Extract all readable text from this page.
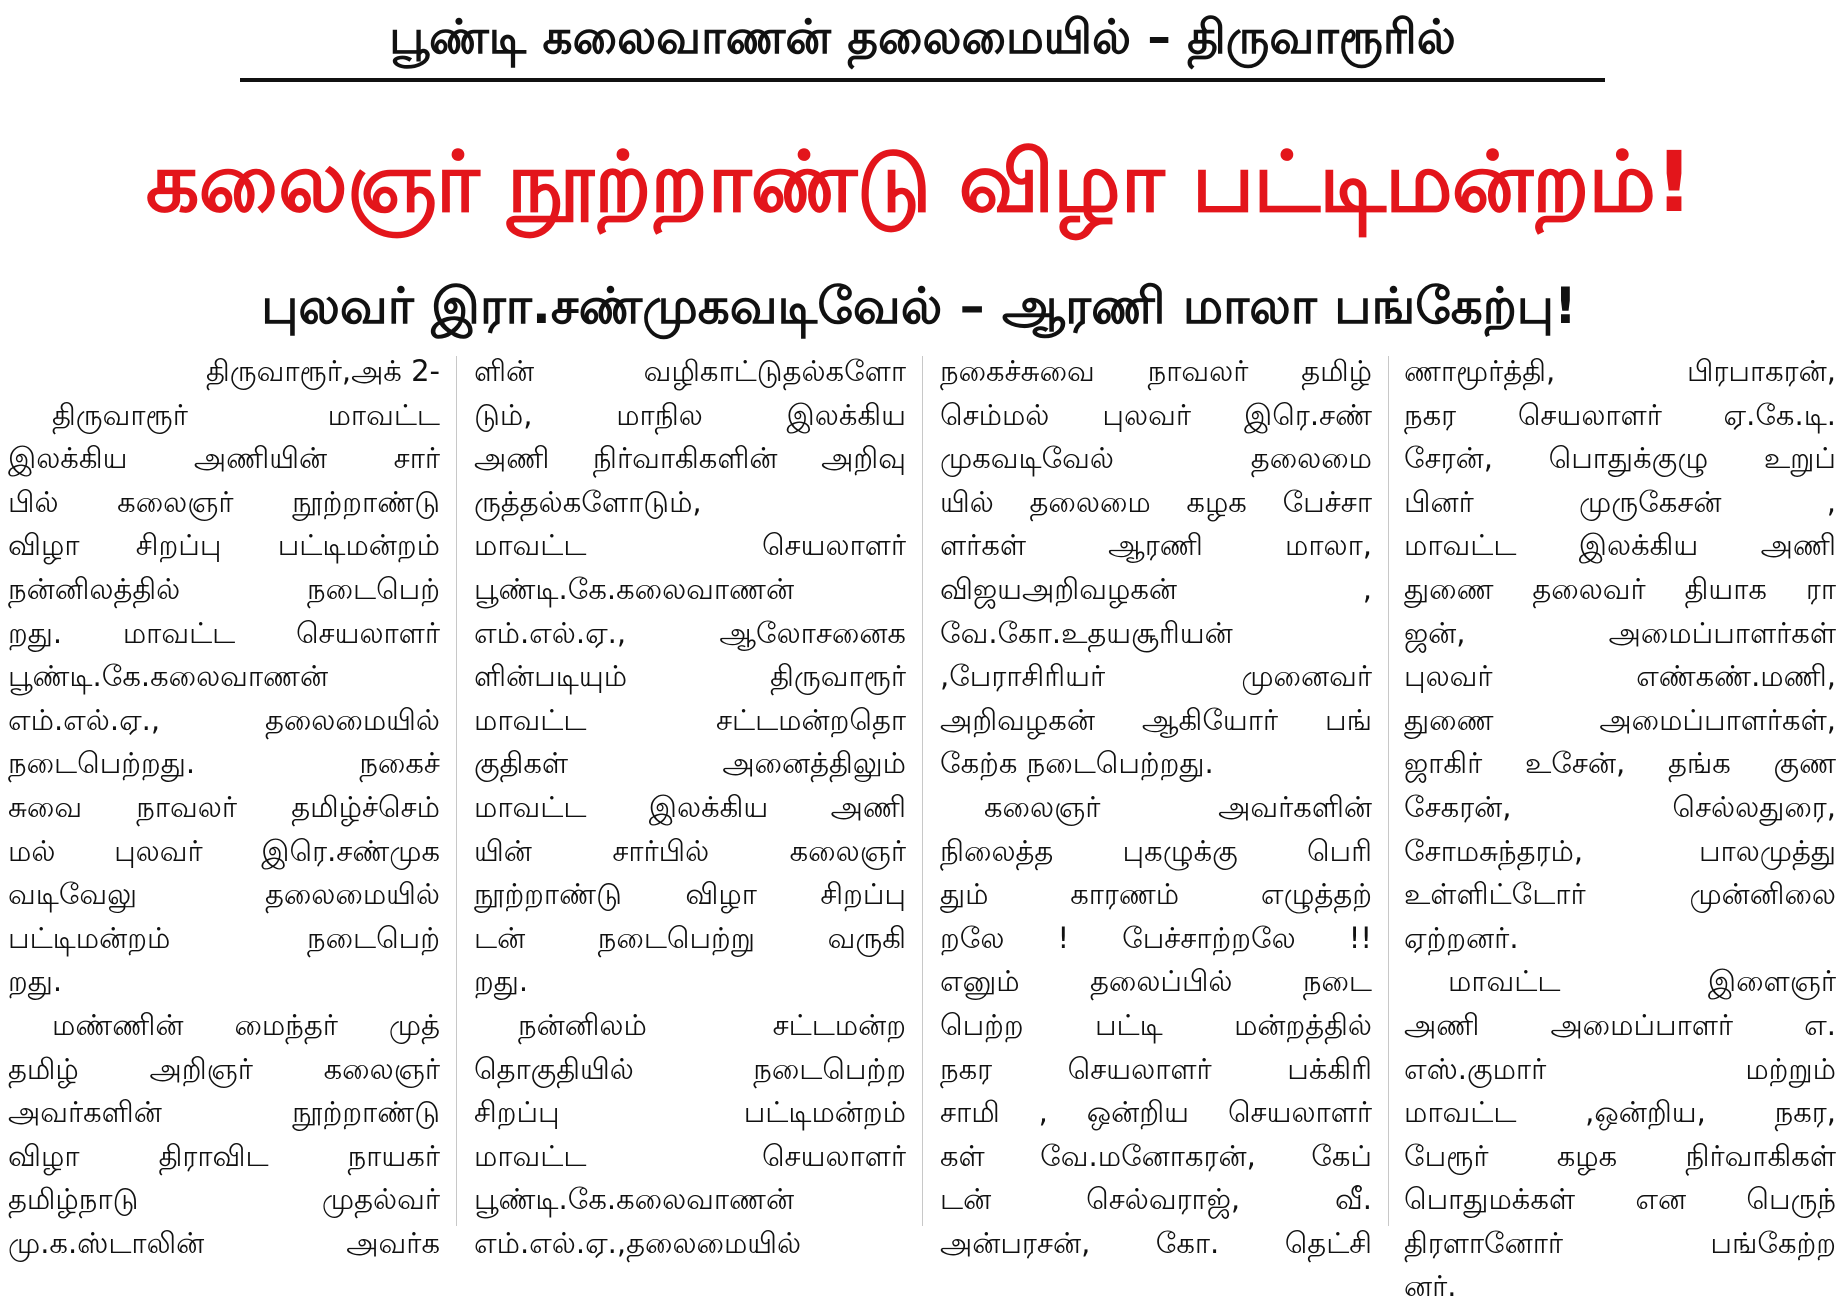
பூண்டி கலைவாணன் தலைமையில் – திருவாரூரில்
கலைஞர் நூற்றாண்டு விழா பட்டிமன்றம்!
புலவர் இரா.சண்முகவடிவேல் – ஆரணி மாலா பங்கேற்பு!
திருவாரூர்,அக் 2-
திருவாரூர் மாவட்ட
இலக்கிய அணியின் சார்
பில் கலைஞர் நூற்றாண்டு
விழா சிறப்பு பட்டிமன்றம்
நன்னிலத்தில் நடைபெற்
றது. மாவட்ட செயலாளர்
பூண்டி.கே.கலைவாணன்
எம்.எல்.ஏ., தலைமையில்
நடைபெற்றது. நகைச்
சுவை நாவலர் தமிழ்ச்செம்
மல் புலவர் இரெ.சண்முக
வடிவேலு தலைமையில்
பட்டிமன்றம் நடைபெற்
றது.
மண்ணின் மைந்தர் முத்
தமிழ் அறிஞர் கலைஞர்
அவர்களின் நூற்றாண்டு
விழா திராவிட நாயகர்
தமிழ்நாடு முதல்வர்
மு.க.ஸ்டாலின் அவர்க
ளின் வழிகாட்டுதல்களோ
டும், மாநில இலக்கிய
அணி நிர்வாகிகளின் அறிவு
ருத்தல்களோடும்,
மாவட்ட செயலாளர்
பூண்டி.கே.கலைவாணன்
எம்.எல்.ஏ., ஆலோசனைக
ளின்படியும் திருவாரூர்
மாவட்ட சட்டமன்றதொ
குதிகள் அனைத்திலும்
மாவட்ட இலக்கிய அணி
யின் சார்பில் கலைஞர்
நூற்றாண்டு விழா சிறப்பு
டன் நடைபெற்று வருகி
றது.
நன்னிலம் சட்டமன்ற
தொகுதியில் நடைபெற்ற
சிறப்பு பட்டிமன்றம்
மாவட்ட செயலாளர்
பூண்டி.கே.கலைவாணன்
எம்.எல்.ஏ.,தலைமையில்
நகைச்சுவை நாவலர் தமிழ்
செம்மல் புலவர் இரெ.சண்
முகவடிவேல் தலைமை
யில் தலைமை கழக பேச்சா
ளர்கள் ஆரணி மாலா,
விஜயஅறிவழகன் ,
வே.கோ.உதயசூரியன்
,பேராசிரியர் முனைவர்
அறிவழகன் ஆகியோர் பங்
கேற்க நடைபெற்றது.
கலைஞர் அவர்களின்
நிலைத்த புகழுக்கு பெரி
தும் காரணம் எழுத்தற்
றலே ! பேச்சாற்றலே !!
எனும் தலைப்பில் நடை
பெற்ற பட்டி மன்றத்தில்
நகர செயலாளர் பக்கிரி
சாமி , ஒன்றிய செயலாளர்
கள் வே.மனோகரன், கேப்
டன் செல்வராஜ், வீ.
அன்பரசன், கோ. தெட்சி
ணாமூர்த்தி, பிரபாகரன்,
நகர செயலாளர் ஏ.கே.டி.
சேரன், பொதுக்குழு உறுப்
பினர் முருகேசன் ,
மாவட்ட இலக்கிய அணி
துணை தலைவர் தியாக ரா
ஜன், அமைப்பாளர்கள்
புலவர் எண்கண்.மணி,
துணை அமைப்பாளர்கள்,
ஜாகிர் உசேன், தங்க குண
சேகரன், செல்லதுரை,
சோமசுந்தரம், பாலமுத்து
உள்ளிட்டோர் முன்னிலை
ஏற்றனர்.
மாவட்ட இளைஞர்
அணி அமைப்பாளர் எ.
எஸ்.குமார் மற்றும்
மாவட்ட ,ஒன்றிய, நகர,
பேரூர் கழக நிர்வாகிகள்
பொதுமக்கள் என பெருந்
திரளானோர் பங்கேற்ற
னர்.
